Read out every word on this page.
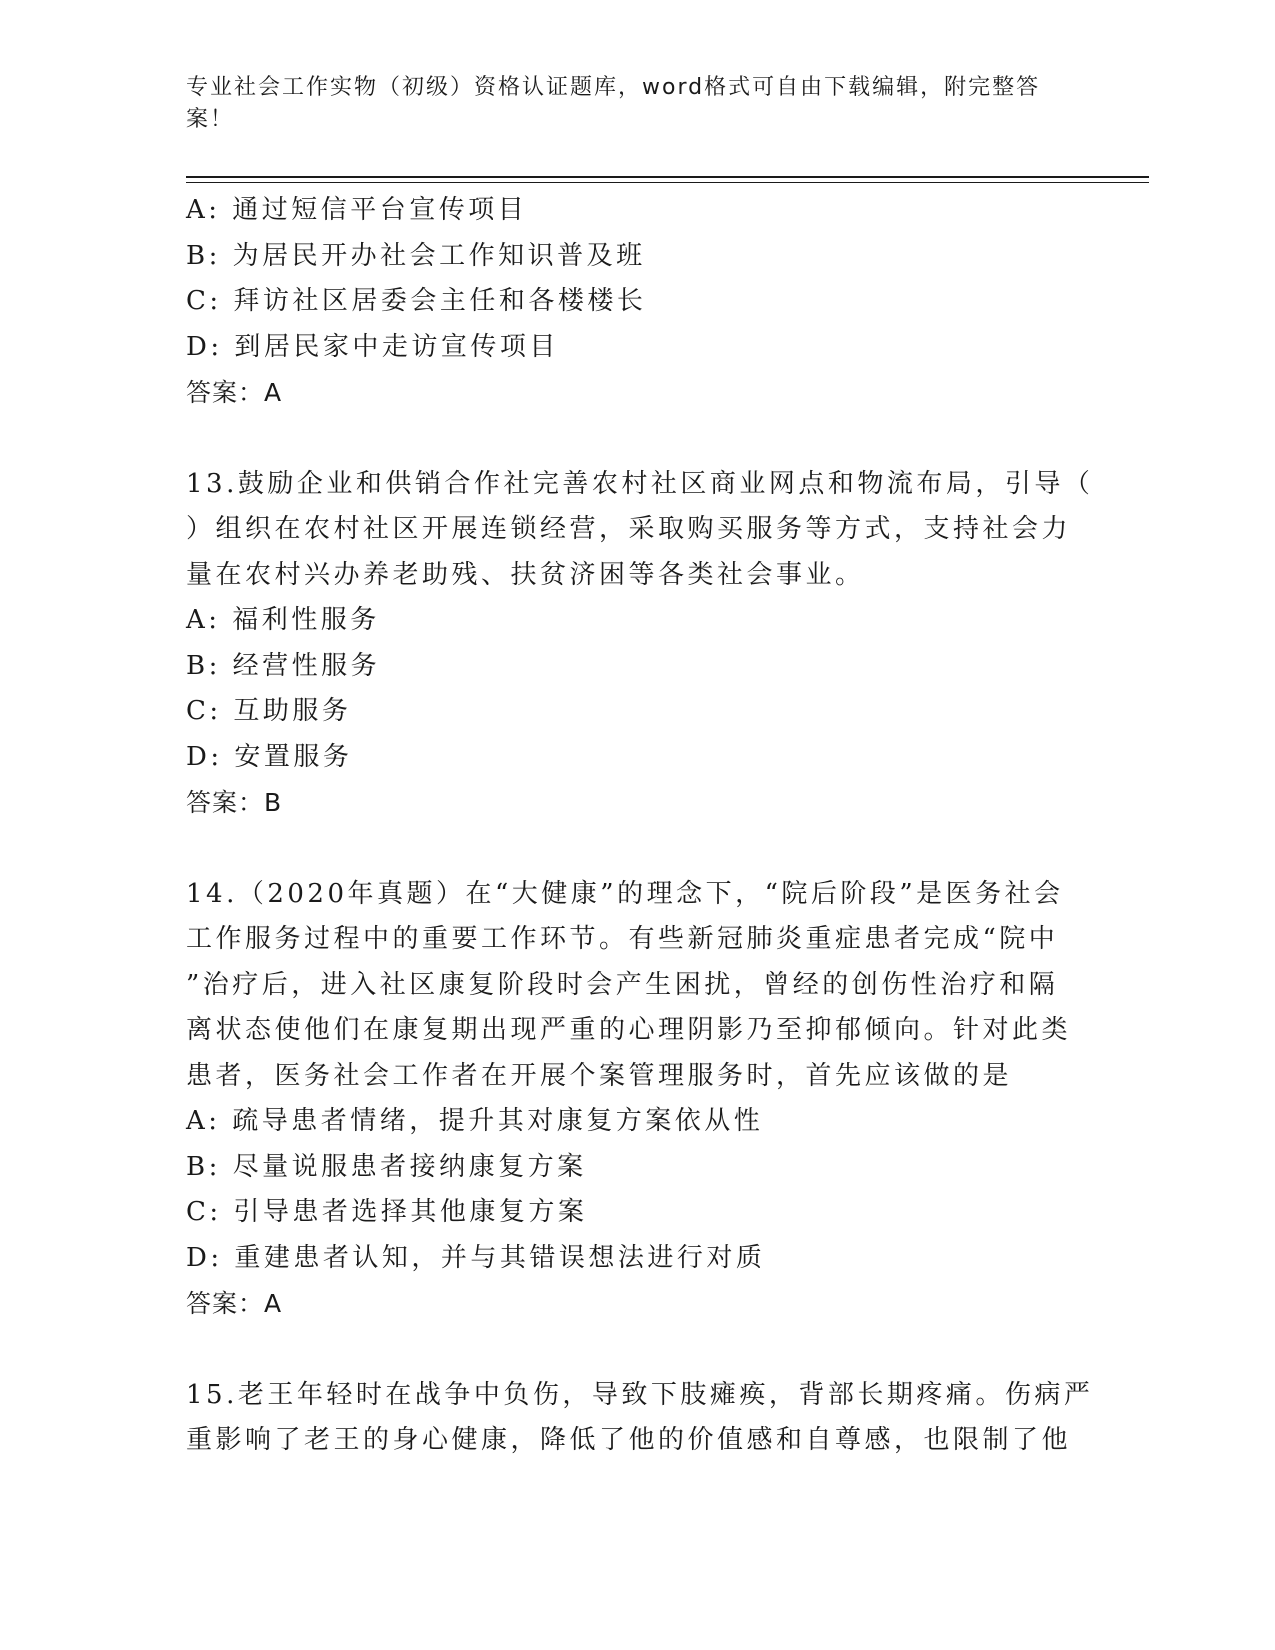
专业社会工作实物（初级）资格认证题库，word格式可自由下载编辑，附完整答案！
A: 通过短信平台宣传项目
B: 为居民开办社会工作知识普及班
C: 拜访社区居委会主任和各楼楼长
D: 到居民家中走访宣传项目
答案：A
13.鼓励企业和供销合作社完善农村社区商业网点和物流布局，引导（
）组织在农村社区开展连锁经营，采取购买服务等方式，支持社会力
量在农村兴办养老助残、扶贫济困等各类社会事业。
A: 福利性服务
B: 经营性服务
C: 互助服务
D: 安置服务
答案：B
14.（2020年真题）在“大健康”的理念下，“院后阶段”是医务社会
工作服务过程中的重要工作环节。有些新冠肺炎重症患者完成“院中
”治疗后，进入社区康复阶段时会产生困扰，曾经的创伤性治疗和隔
离状态使他们在康复期出现严重的心理阴影乃至抑郁倾向。针对此类
患者，医务社会工作者在开展个案管理服务时，首先应该做的是
A: 疏导患者情绪，提升其对康复方案依从性
B: 尽量说服患者接纳康复方案
C: 引导患者选择其他康复方案
D: 重建患者认知，并与其错误想法进行对质
答案：A
15.老王年轻时在战争中负伤，导致下肢瘫痪，背部长期疼痛。伤病严
重影响了老王的身心健康，降低了他的价值感和自尊感，也限制了他
